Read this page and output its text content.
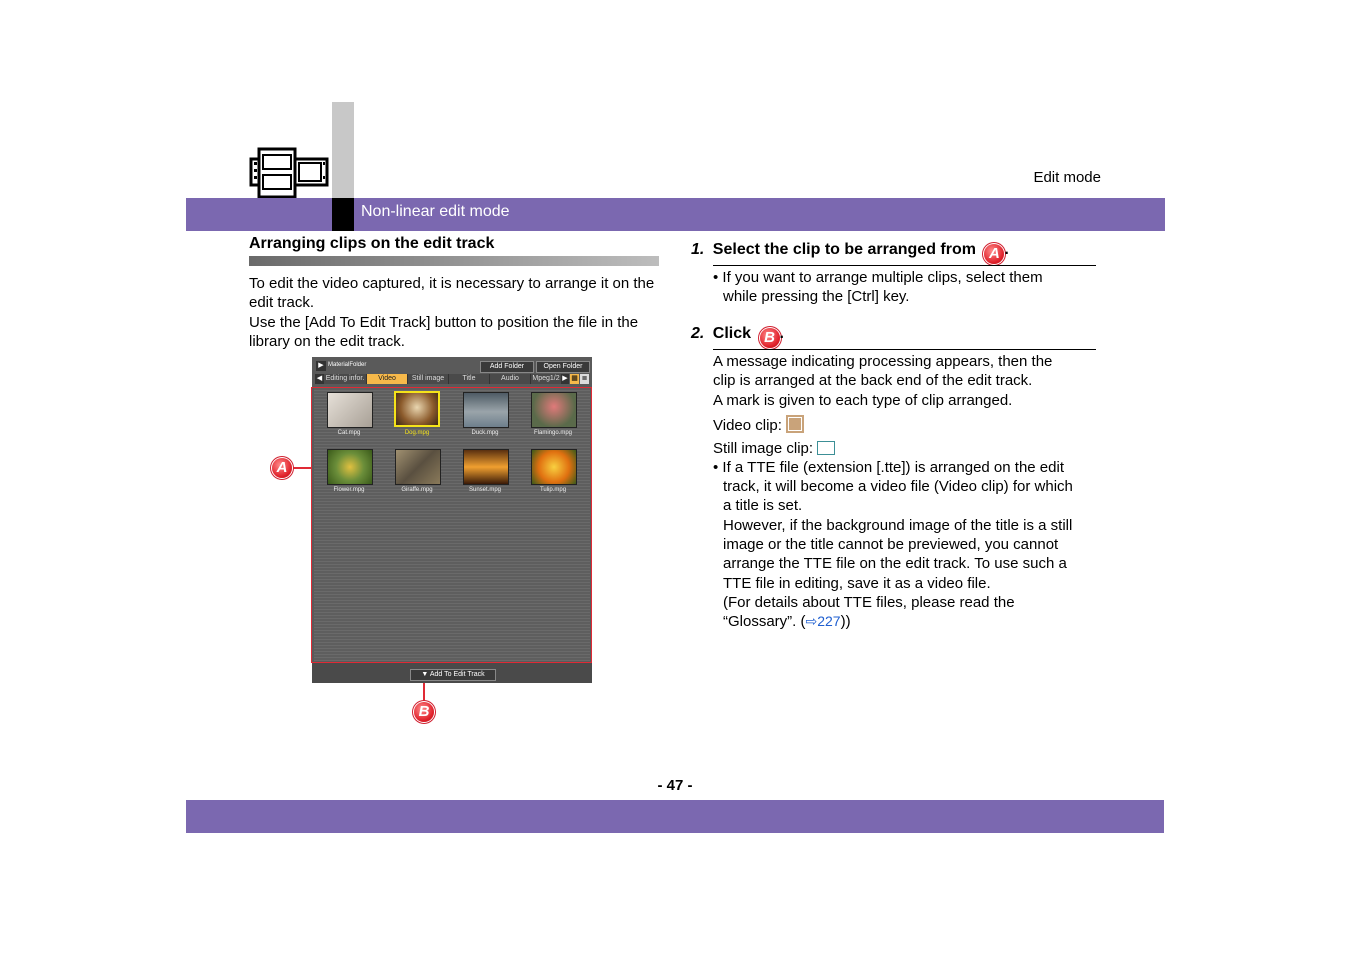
Edit mode
Non-linear edit mode
Arranging clips on the edit track
To edit the video captured, it is necessary to arrange it on the edit track.
Use the [Add To Edit Track] button to position the file in the library on the edit track.
▶ MaterialFolder	Add Folder	Open Folder
◀ Editing infor.	Video	Still image	Title	Audio	Mpeg1/2 ▶ ▦ ≣
Cat.mpg	Dog.mpg	Duck.mpg	Flamingo.mpg
Flower.mpg	Giraffe.mpg	Sunset.mpg	Tulip.mpg
▼ Add To Edit Track
A
B
1. Select the clip to be arranged from A .
• If you want to arrange multiple clips, select them
while pressing the [Ctrl] key.
2. Click B .
A message indicating processing appears, then the
clip is arranged at the back end of the edit track.
A mark is given to each type of clip arranged.
Video clip:
Still image clip:
• If a TTE file (extension [.tte]) is arranged on the edit
track, it will become a video file (Video clip) for which
a title is set.
However, if the background image of the title is a still
image or the title cannot be previewed, you cannot
arrange the TTE file on the edit track. To use such a
TTE file in editing, save it as a video file.
(For details about TTE files, please read the
“Glossary”. (⇨227))
- 47 -
